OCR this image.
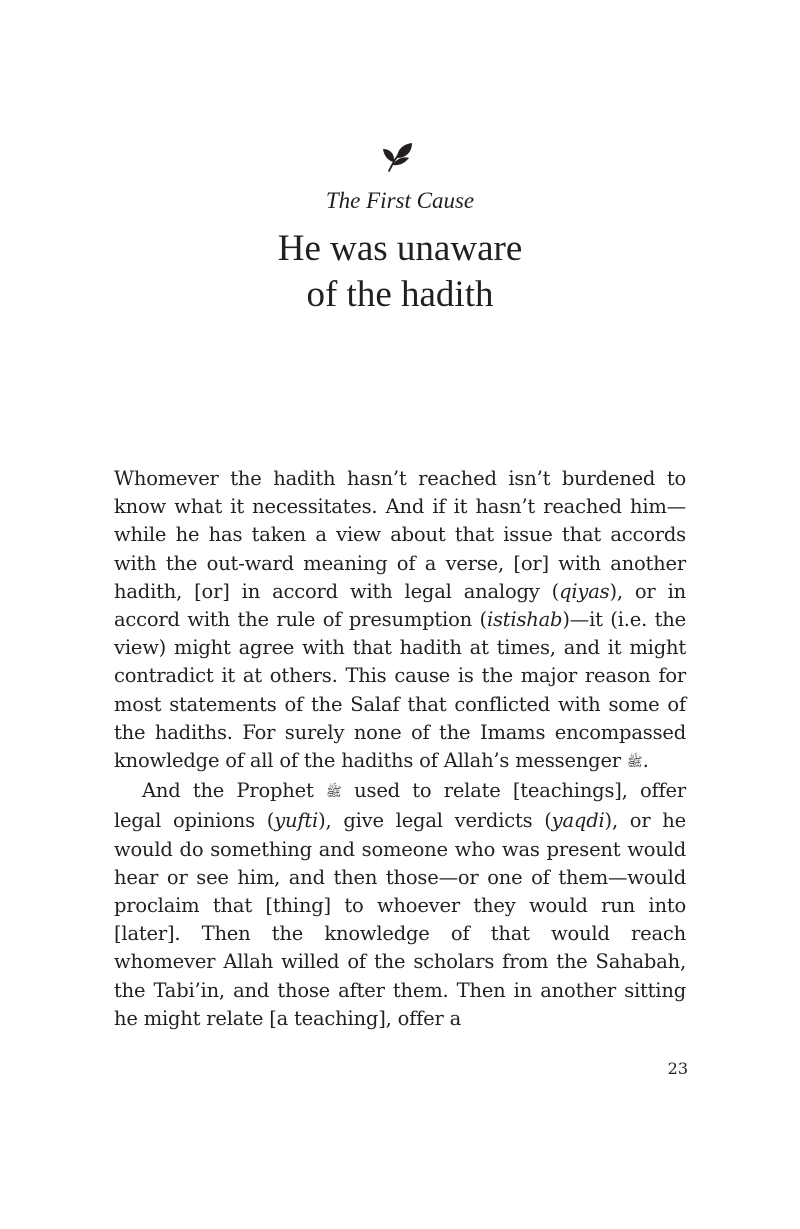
The First Cause
He was unaware
of the hadith

Whomever the hadith hasn’t reached isn’t burdened to know what it necessitates. And if it hasn’t reached him—while he has taken a view about that issue that accords with the out-ward meaning of a verse, [or] with another hadith, [or] in accord with legal analogy (qiyas), or in accord with the rule of presumption (istishab)—it (i.e. the view) might agree with that hadith at times, and it might contradict it at others. This cause is the major reason for most statements of the Salaf that conflicted with some of the hadiths. For surely none of the Imams encompassed knowledge of all of the hadiths of Allah’s messenger ﷺ.

And the Prophet ﷺ used to relate [teachings], offer legal opinions (yufti), give legal verdicts (yaqdi), or he would do something and someone who was present would hear or see him, and then those—or one of them—would proclaim that [thing] to whoever they would run into [later]. Then the knowledge of that would reach whomever Allah willed of the scholars from the Sahabah, the Tabi’in, and those after them. Then in another sitting he might relate [a teaching], offer a

23
